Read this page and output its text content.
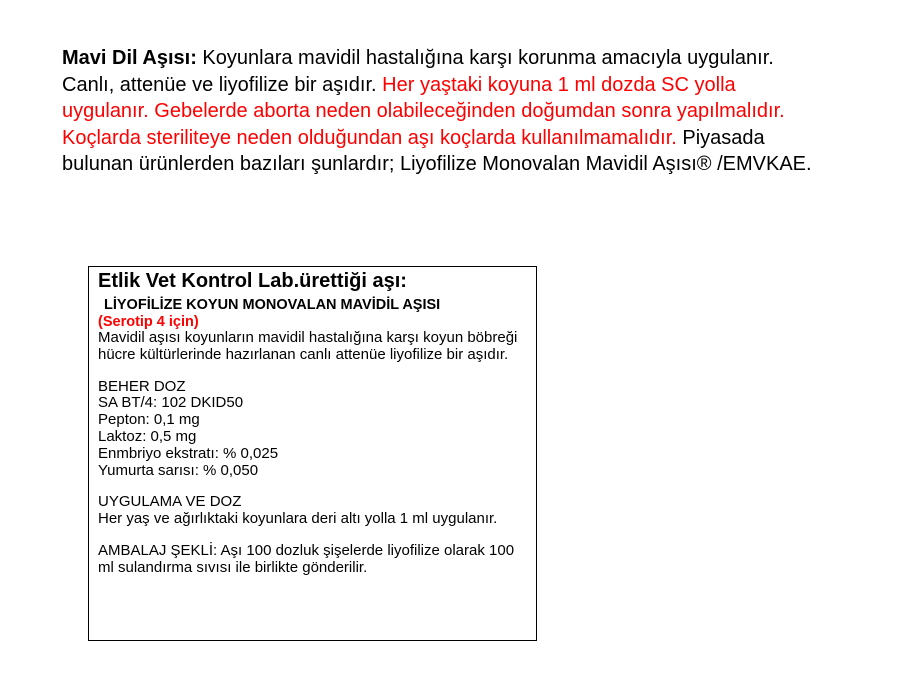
Mavi Dil Aşısı: Koyunlara mavidil hastalığına karşı korunma amacıyla uygulanır. Canlı, attenüe ve liyofilize bir aşıdır. Her yaştaki koyuna 1 ml dozda SC yolla uygulanır. Gebelerde aborta neden olabileceğinden doğumdan sonra yapılmalıdır. Koçlarda steriliteye neden olduğundan aşı koçlarda kullanılmamalıdır. Piyasada bulunan ürünlerden bazıları şunlardır; Liyofilize Monovalan Mavidil Aşısı® /EMVKAE.
Etlik Vet Kontrol Lab.ürettiği aşı:
LİYOFİLİZE KOYUN MONOVALAN MAVİDİL AŞISI
(Serotip 4 için)

Mavidil aşısı koyunların mavidil hastalığına karşı koyun böbreği hücre kültürlerinde hazırlanan canlı attenüe liyofilize bir aşıdır.

BEHER DOZ
SA BT/4: 102 DKID50
Pepton: 0,1 mg
Laktoz: 0,5 mg
Enmbriyo ekstratı: % 0,025
Yumurta sarısı: % 0,050
UYGULAMA VE DOZ
Her yaş ve ağırlıktaki koyunlara deri altı yolla 1 ml uygulanır.
AMBALAJ ŞEKLİ: Aşı 100 dozluk şişelerde liyofilize olarak 100 ml sulandırma sıvısı ile birlikte gönderilir.
